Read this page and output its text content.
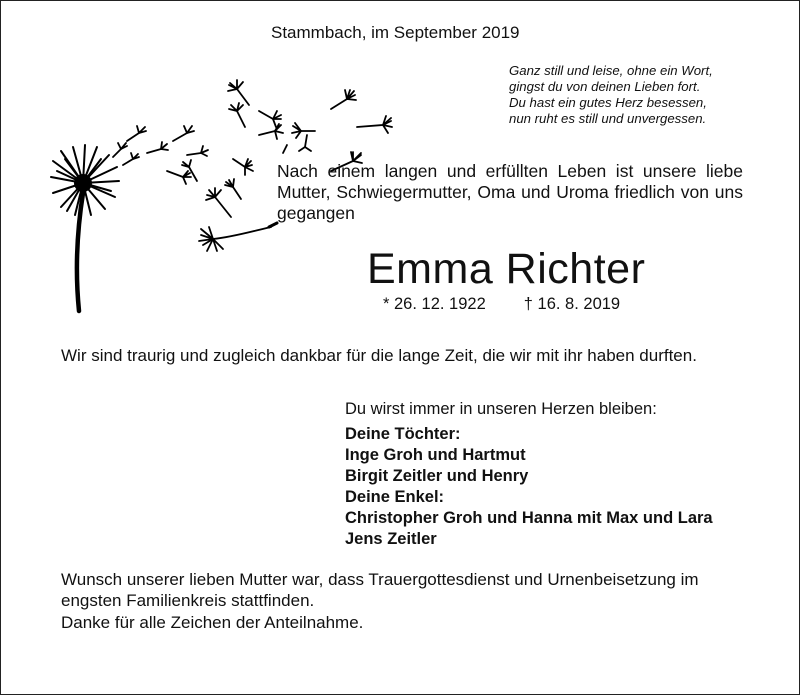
Stammbach, im September 2019
Ganz still und leise, ohne ein Wort,
gingst du von deinen Lieben fort.
Du hast ein gutes Herz besessen,
nun ruht es still und unvergessen.
Nach einem langen und erfüllten Leben ist unsere liebe Mutter, Schwiegermutter, Oma und Uroma friedlich von uns gegangen
Emma Richter
* 26. 12. 1922 † 16. 8. 2019
Wir sind traurig und zugleich dankbar für die lange Zeit, die wir mit ihr haben durften.
Du wirst immer in unseren Herzen bleiben:
Deine Töchter:
Inge Groh und Hartmut
Birgit Zeitler und Henry
Deine Enkel:
Christopher Groh und Hanna mit Max und Lara
Jens Zeitler
Wunsch unserer lieben Mutter war, dass Trauergottesdienst und Urnenbeisetzung im engsten Familienkreis stattfinden.
Danke für alle Zeichen der Anteilnahme.
